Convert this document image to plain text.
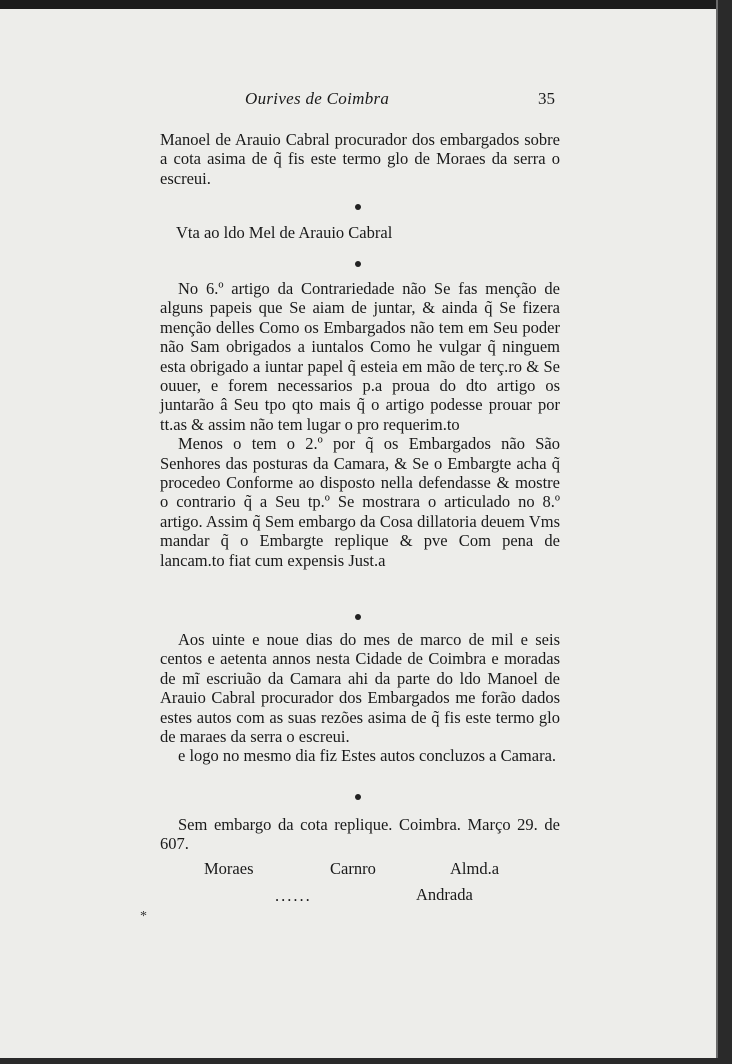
Ourives de Coimbra	35

Manoel de Arauio Cabral procurador dos embargados sobre a cota asima de q̃ fis este termo glo de Moraes da serra o escreui.

Vta ao ldo Mel de Arauio Cabral

No 6.º artigo da Contrariedade não Se fas menção de alguns papeis que Se aiam de juntar, & ainda q̃ Se fizera menção delles Como os Embargados não tem em Seu poder não Sam obrigados a iuntalos Como he vulgar q̃ ninguem esta obrigado a iuntar papel q̃ esteia em mão de terç.ro & Se ouuer, e forem necessarios p.a proua do dto artigo os juntarão â Seu tpo qto mais q̃ o artigo podesse prouar por tt.as & assim não tem lugar o pro requerim.to

Menos o tem o 2.º por q̃ os Embargados não São Senhores das posturas da Camara, & Se o Embargte acha q̃ procedeo Conforme ao disposto nella defendasse & mostre o contrario q̃ a Seu tp.º Se mostrara o articulado no 8.º artigo. Assim q̃ Sem embargo da Cosa dillatoria deuem Vms mandar q̃ o Embargte replique & pve Com pena de lancam.to fiat cum expensis Just.a

Aos uinte e noue dias do mes de marco de mil e seis centos e aetenta annos nesta Cidade de Coimbra e moradas de mĩ escriuão da Camara ahi da parte do ldo Manoel de Arauio Cabral procurador dos Embargados me forão dados estes autos com as suas rezões asima de q̃ fis este termo glo de maraes da serra o escreui.

e logo no mesmo dia fiz Estes autos concluzos a Camara.

Sem embargo da cota replique. Coimbra. Março 29. de 607.

Moraes	Carnro	Almd.a
......	Andrada
*
